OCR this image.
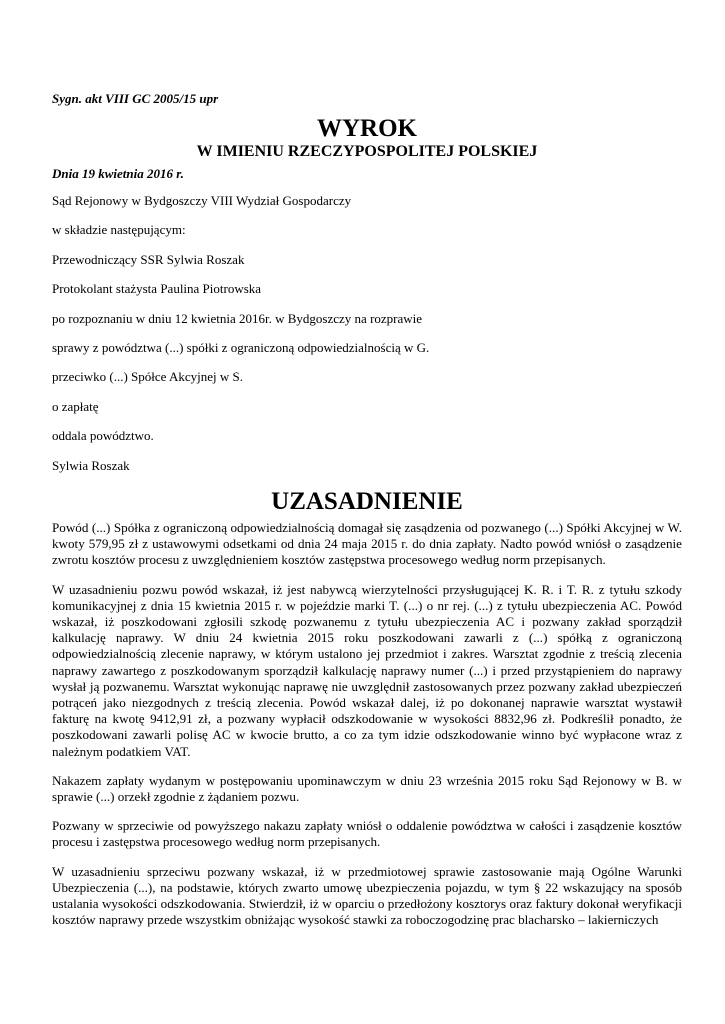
Sygn. akt VIII GC 2005/15 upr

WYROK
W IMIENIU RZECZYPOSPOLITEJ POLSKIEJ

Dnia 19 kwietnia 2016 r.

Sąd Rejonowy w Bydgoszczy VIII Wydział Gospodarczy

w składzie następującym:

Przewodniczący SSR Sylwia Roszak

Protokolant stażysta Paulina Piotrowska

po rozpoznaniu w dniu 12 kwietnia 2016r. w Bydgoszczy na rozprawie

sprawy z powództwa (...) spółki z ograniczoną odpowiedzialnością w G.

przeciwko (...) Spółce Akcyjnej w S.

o zapłatę

oddala powództwo.

Sylwia Roszak

UZASADNIENIE

Powód (...) Spółka z ograniczoną odpowiedzialnością domagał się zasądzenia od pozwanego (...) Spółki Akcyjnej w W. kwoty 579,95 zł z ustawowymi odsetkami od dnia 24 maja 2015 r. do dnia zapłaty. Nadto powód wniósł o zasądzenie zwrotu kosztów procesu z uwzględnieniem kosztów zastępstwa procesowego według norm przepisanych.

W uzasadnieniu pozwu powód wskazał, iż jest nabywcą wierzytelności przysługującej K. R. i T. R. z tytułu szkody komunikacyjnej z dnia 15 kwietnia 2015 r. w pojeździe marki T. (...) o nr rej. (...) z tytułu ubezpieczenia AC. Powód wskazał, iż poszkodowani zgłosili szkodę pozwanemu z tytułu ubezpieczenia AC i pozwany zakład sporządził kalkulację naprawy. W dniu 24 kwietnia 2015 roku poszkodowani zawarli z (...) spółką z ograniczoną odpowiedzialnością zlecenie naprawy, w którym ustalono jej przedmiot i zakres. Warsztat zgodnie z treścią zlecenia naprawy zawartego z poszkodowanym sporządził kalkulację naprawy numer (...) i przed przystąpieniem do naprawy wysłał ją pozwanemu. Warsztat wykonując naprawę nie uwzględnił zastosowanych przez pozwany zakład ubezpieczeń potrąceń jako niezgodnych z treścią zlecenia. Powód wskazał dalej, iż po dokonanej naprawie warsztat wystawił fakturę na kwotę 9412,91 zł, a pozwany wypłacił odszkodowanie w wysokości 8832,96 zł. Podkreślił ponadto, że poszkodowani zawarli polisę AC w kwocie brutto, a co za tym idzie odszkodowanie winno być wypłacone wraz z należnym podatkiem VAT.

Nakazem zapłaty wydanym w postępowaniu upominawczym w dniu 23 września 2015 roku Sąd Rejonowy w B. w sprawie (...) orzekł zgodnie z żądaniem pozwu.

Pozwany w sprzeciwie od powyższego nakazu zapłaty wniósł o oddalenie powództwa w całości i zasądzenie kosztów procesu i zastępstwa procesowego według norm przepisanych.

W uzasadnieniu sprzeciwu pozwany wskazał, iż w przedmiotowej sprawie zastosowanie mają Ogólne Warunki Ubezpieczenia (...), na podstawie, których zwarto umowę ubezpieczenia pojazdu, w tym § 22 wskazujący na sposób ustalania wysokości odszkodowania. Stwierdził, iż w oparciu o przedłożony kosztorys oraz faktury dokonał weryfikacji kosztów naprawy przede wszystkim obniżając wysokość stawki za roboczogodzinę prac blacharsko – lakierniczych
